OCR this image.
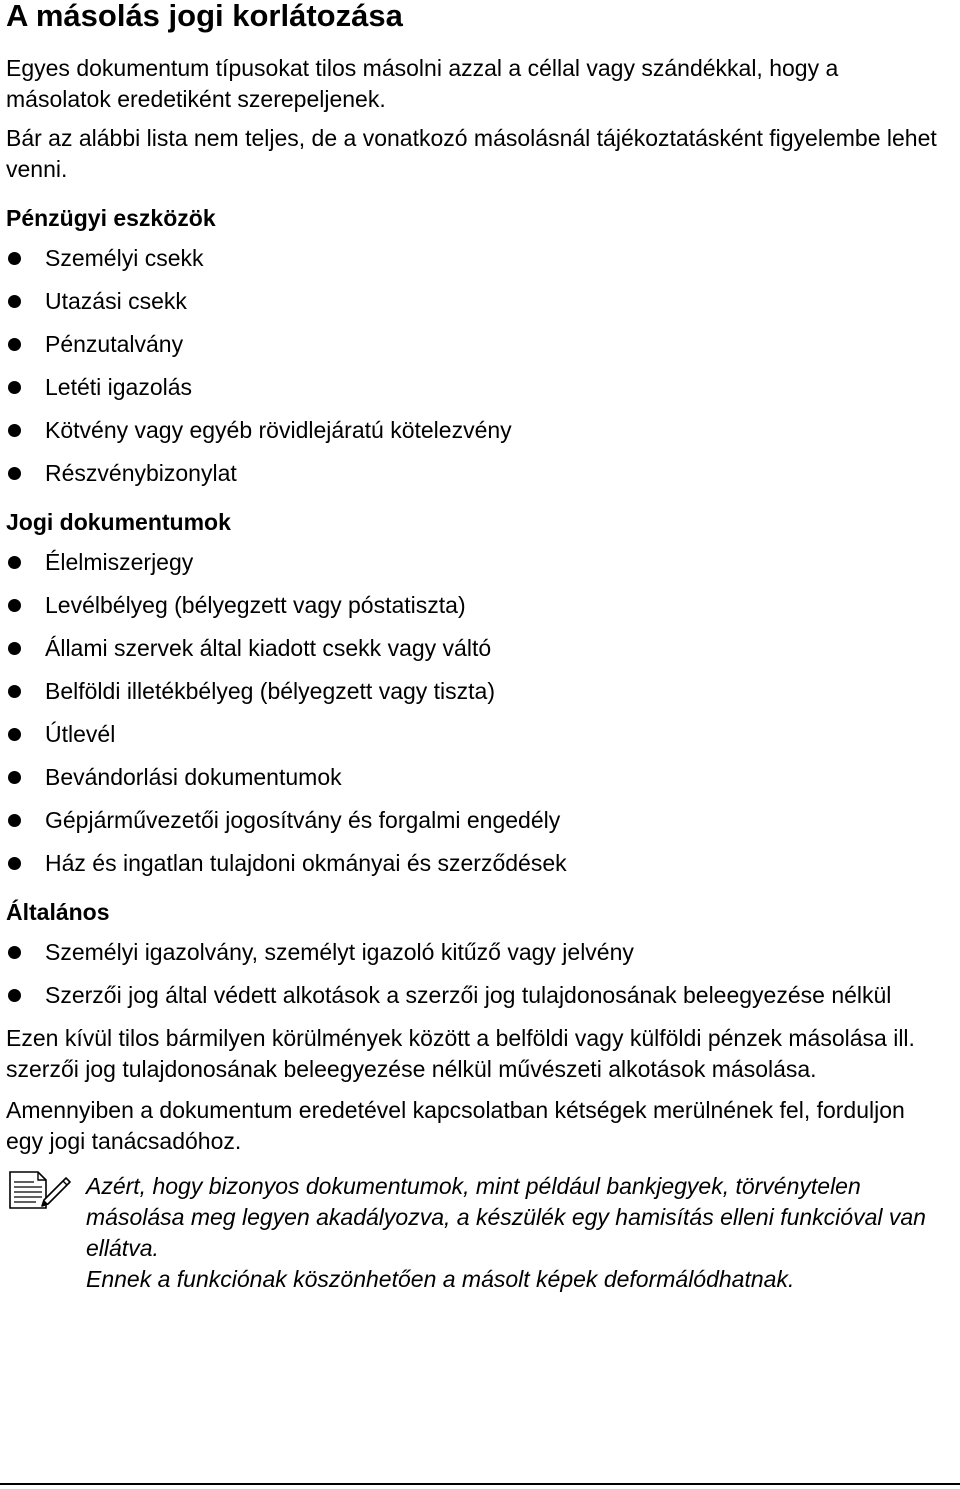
A másolás jogi korlátozása

Egyes dokumentum típusokat tilos másolni azzal a céllal vagy szándékkal, hogy a másolatok eredetiként szerepeljenek.

Bár az alábbi lista nem teljes, de a vonatkozó másolásnál tájékoztatásként figyelembe lehet venni.

Pénzügyi eszközök

Személyi csekk
Utazási csekk
Pénzutalvány
Letéti igazolás
Kötvény vagy egyéb rövidlejáratú kötelezvény
Részvénybizonylat

Jogi dokumentumok

Élelmiszerjegy
Levélbélyeg (bélyegzett vagy póstatiszta)
Állami szervek által kiadott csekk vagy váltó
Belföldi illetékbélyeg (bélyegzett vagy tiszta)
Útlevél
Bevándorlási dokumentumok
Gépjárművezetői jogosítvány és forgalmi engedély
Ház és ingatlan tulajdoni okmányai és szerződések

Általános

Személyi igazolvány, személyt igazoló kitűző vagy jelvény
Szerzői jog által védett alkotások a szerzői jog tulajdonosának beleegyezése nélkül

Ezen kívül tilos bármilyen körülmények között a belföldi vagy külföldi pénzek másolása ill. szerzői jog tulajdonosának beleegyezése nélkül művészeti alkotások másolása.

Amennyiben a dokumentum eredetével kapcsolatban kétségek merülnének fel, forduljon egy jogi tanácsadóhoz.

Azért, hogy bizonyos dokumentumok, mint például bankjegyek, törvénytelen másolása meg legyen akadályozva, a készülék egy hamisítás elleni funkcióval van ellátva.

Ennek a funkciónak köszönhetően a másolt képek deformálódhatnak.
